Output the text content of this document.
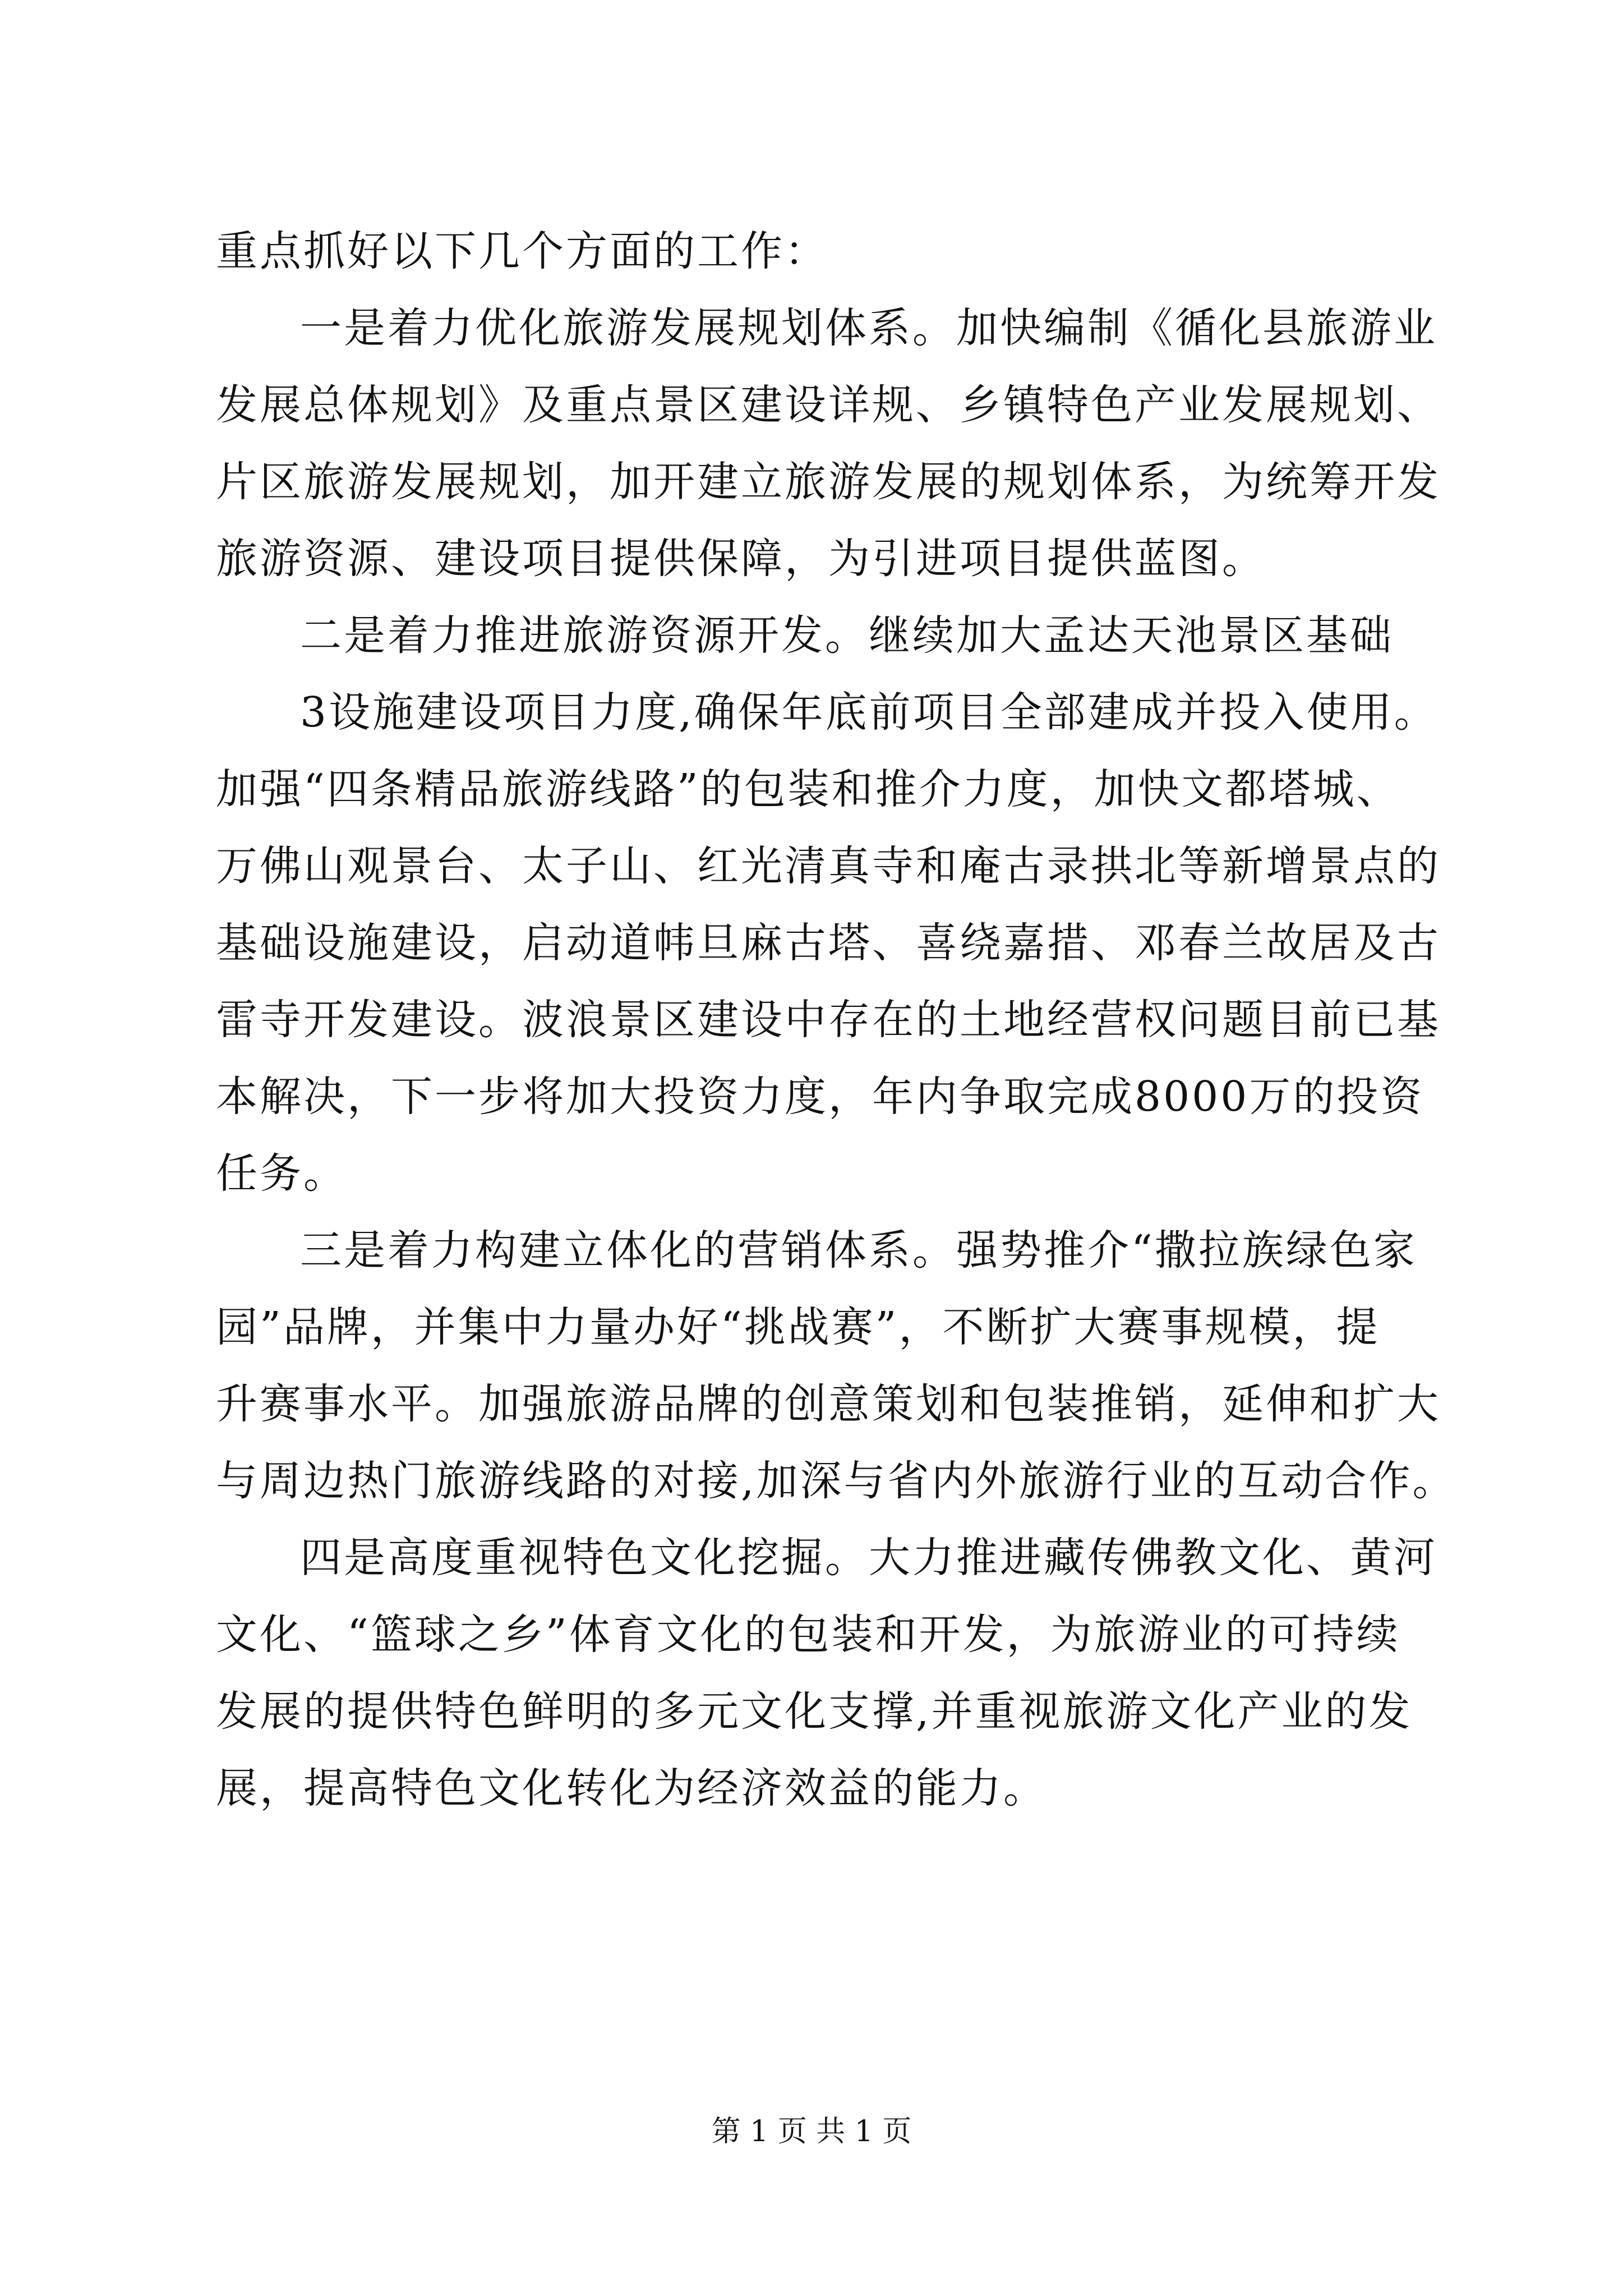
重点抓好以下几个方面的工作：
一是着力优化旅游发展规划体系。加快编制《循化县旅游业
发展总体规划》及重点景区建设详规、乡镇特色产业发展规划、
片区旅游发展规划，加开建立旅游发展的规划体系，为统筹开发
旅游资源、建设项目提供保障，为引进项目提供蓝图。
二是着力推进旅游资源开发。继续加大孟达天池景区基础
3设施建设项目力度,确保年底前项目全部建成并投入使用。
加强“四条精品旅游线路”的包装和推介力度，加快文都塔城、
万佛山观景台、太子山、红光清真寺和庵古录拱北等新增景点的
基础设施建设，启动道帏旦麻古塔、喜绕嘉措、邓春兰故居及古
雷寺开发建设。波浪景区建设中存在的土地经营权问题目前已基
本解决，下一步将加大投资力度，年内争取完成8000万的投资
任务。
三是着力构建立体化的营销体系。强势推介“撒拉族绿色家
园”品牌，并集中力量办好“挑战赛”，不断扩大赛事规模，提
升赛事水平。加强旅游品牌的创意策划和包装推销，延伸和扩大
与周边热门旅游线路的对接,加深与省内外旅游行业的互动合作。
四是高度重视特色文化挖掘。大力推进藏传佛教文化、黄河
文化、“篮球之乡”体育文化的包装和开发，为旅游业的可持续
发展的提供特色鲜明的多元文化支撑,并重视旅游文化产业的发
展，提高特色文化转化为经济效益的能力。
第 1 页 共 1 页
